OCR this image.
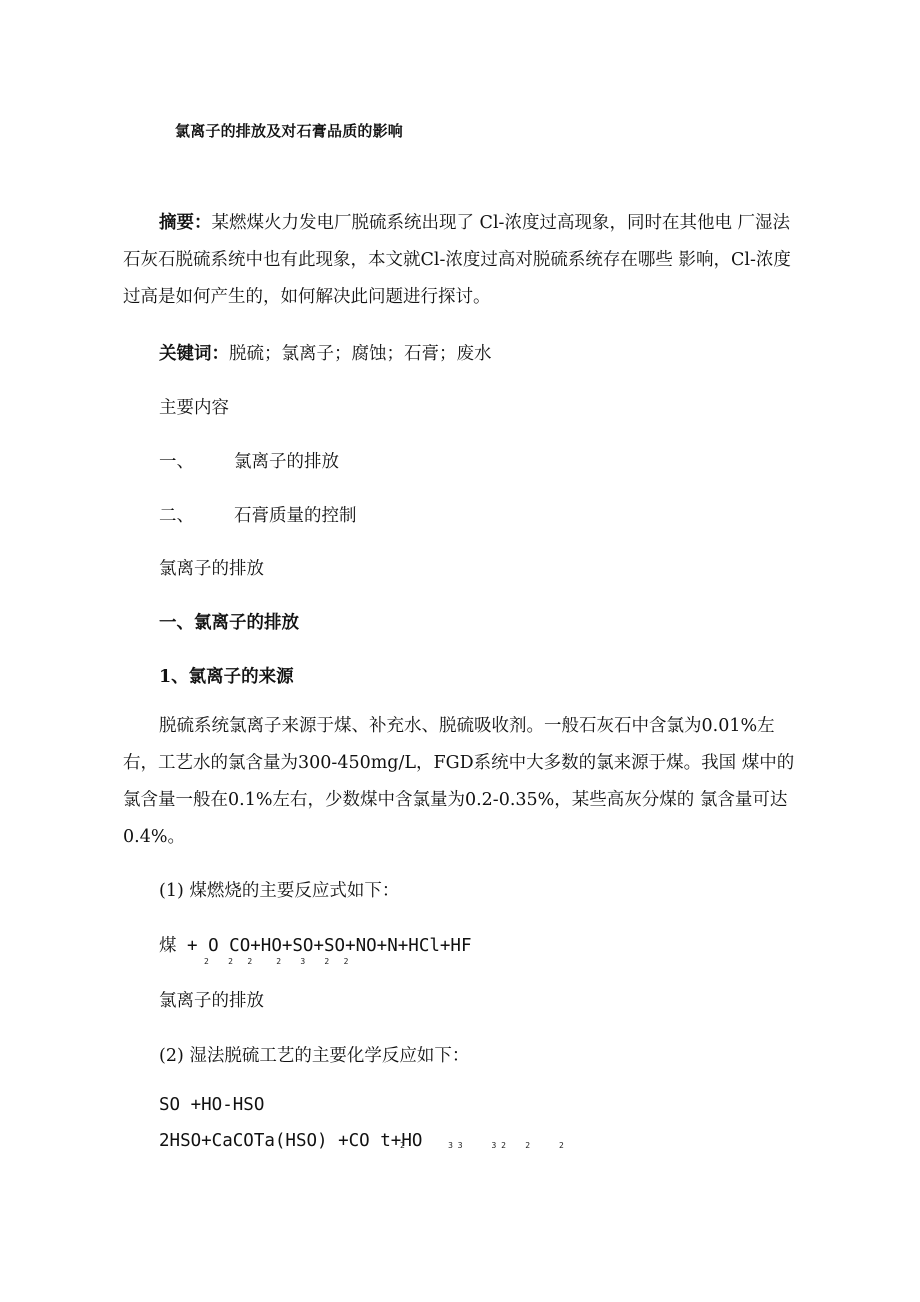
氯离子的排放及对石膏品质的影响
摘要：某燃煤火力发电厂脱硫系统出现了 Cl-浓度过高现象，同时在其他电 厂湿法石灰石脱硫系统中也有此现象，本文就Cl-浓度过高对脱硫系统存在哪些 影响，Cl-浓度过高是如何产生的，如何解决此问题进行探讨。
关键词：脱硫；氯离子；腐蚀；石膏；废水
主要内容
一、 氯离子的排放
二、 石膏质量的控制
氯离子的排放
一、氯离子的排放
1、氯离子的来源
脱硫系统氯离子来源于煤、补充水、脱硫吸收剂。一般石灰石中含氯为0.01%左右，工艺水的氯含量为300-450mg/L，FGD系统中大多数的氯来源于煤。我国 煤中的氯含量一般在0.1%左右，少数煤中含氯量为0.2-0.35%，某些高灰分煤的 氯含量可达0.4%。
(1) 煤燃烧的主要反应式如下：
煤 + O CO+HO+SO+SO+NO+N+HCl+HF
2    2   2     2    3    2   2
氯离子的排放
(2) 湿法脱硫工艺的主要化学反应如下：
SO +HO-HSO
2HSO+CaCOTa(HSO) +CO t+HO
2         3 3      3 2    2      2
